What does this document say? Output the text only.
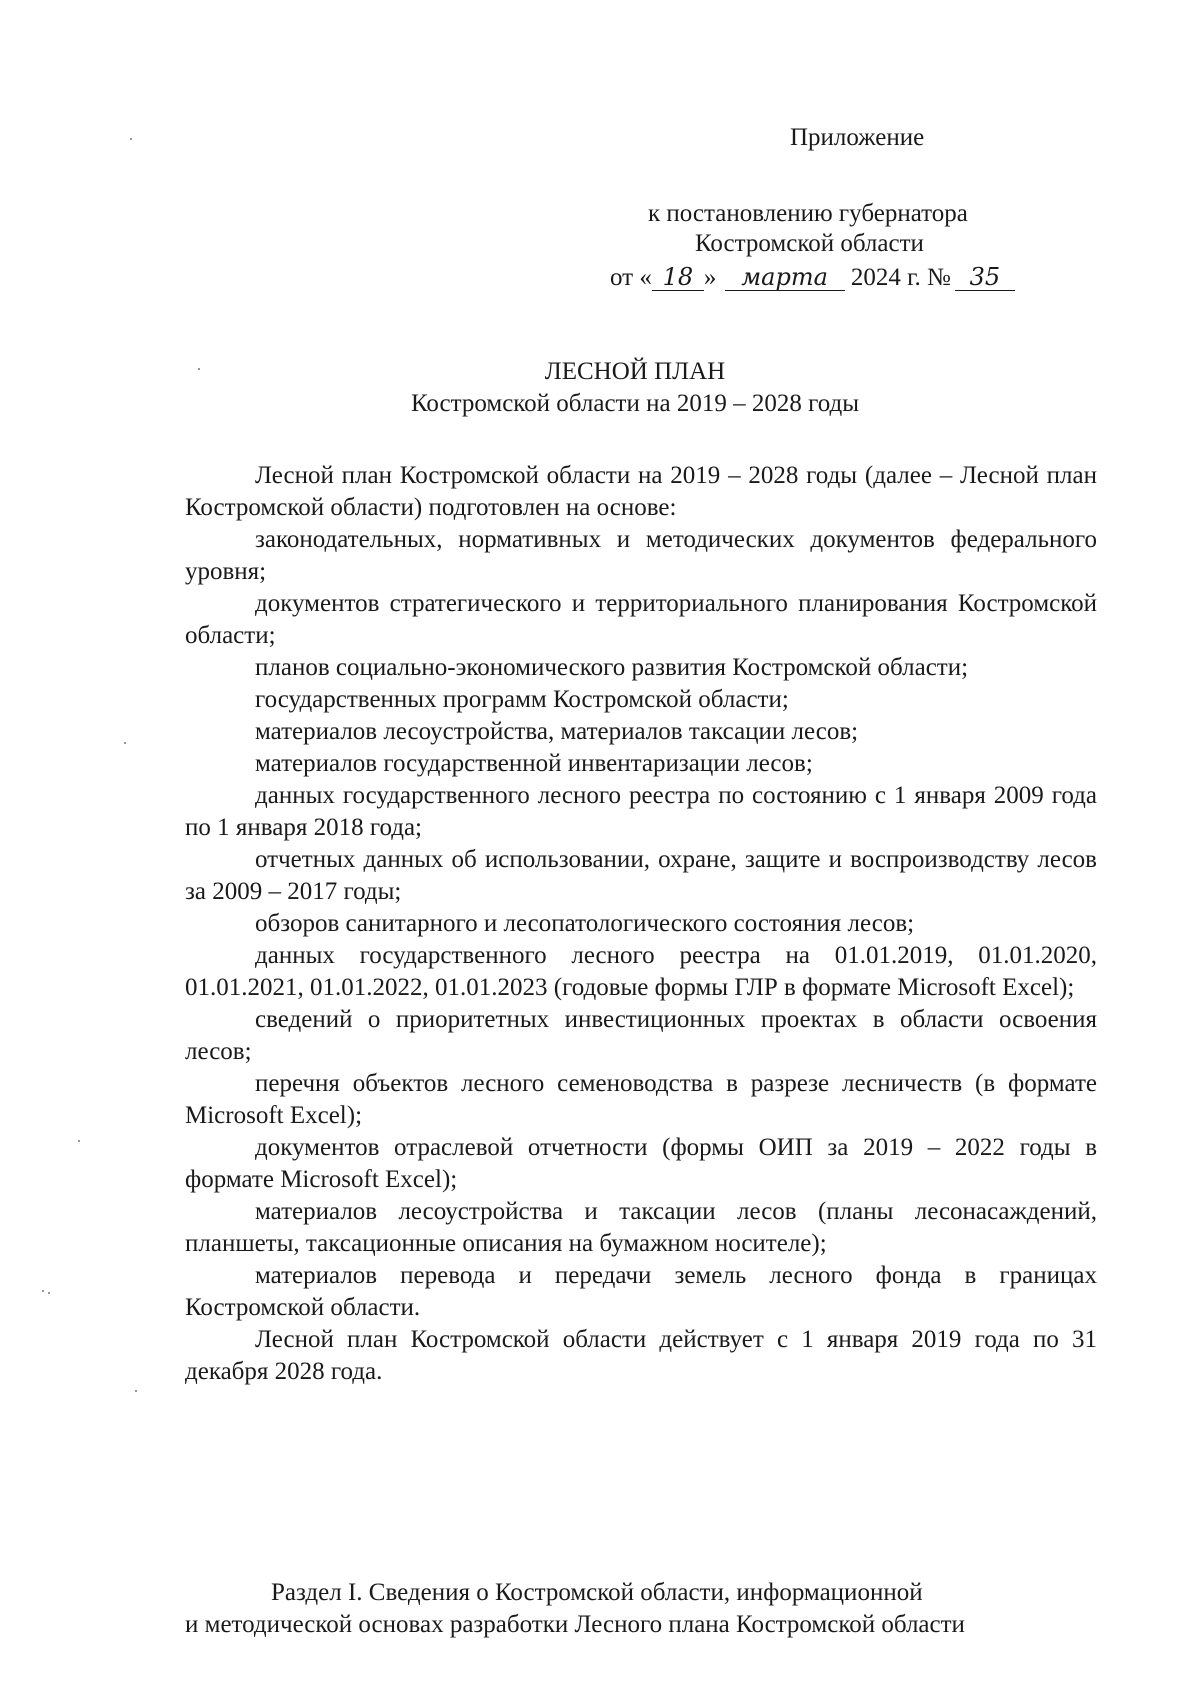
Приложение
к постановлению губернатора
Костромской области
от « 18 » марта 2024 г. № 35
ЛЕСНОЙ ПЛАН
Костромской области на 2019 – 2028 годы

Лесной план Костромской области на 2019 – 2028 годы (далее – Лесной план Костромской области) подготовлен на основе:

законодательных, нормативных и методических документов федерального уровня;

документов стратегического и территориального планирования Костромской области;

планов социально-экономического развития Костромской области;

государственных программ Костромской области;

материалов лесоустройства, материалов таксации лесов;

материалов государственной инвентаризации лесов;

данных государственного лесного реестра по состоянию с 1 января 2009 года по 1 января 2018 года;

отчетных данных об использовании, охране, защите и воспроизводству лесов за 2009 – 2017 годы;

обзоров санитарного и лесопатологического состояния лесов;

данных государственного лесного реестра на 01.01.2019, 01.01.2020, 01.01.2021, 01.01.2022, 01.01.2023 (годовые формы ГЛР в формате Microsoft Excel);

сведений о приоритетных инвестиционных проектах в области освоения лесов;

перечня объектов лесного семеноводства в разрезе лесничеств (в формате Microsoft Excel);

документов отраслевой отчетности (формы ОИП за 2019 – 2022 годы в формате Microsoft Excel);

материалов лесоустройства и таксации лесов (планы лесонасаждений, планшеты, таксационные описания на бумажном носителе);

материалов перевода и передачи земель лесного фонда в границах Костромской области.

Лесной план Костромской области действует с 1 января 2019 года по 31 декабря 2028 года.

Раздел I. Сведения о Костромской области, информационной
и методической основах разработки Лесного плана Костромской области
